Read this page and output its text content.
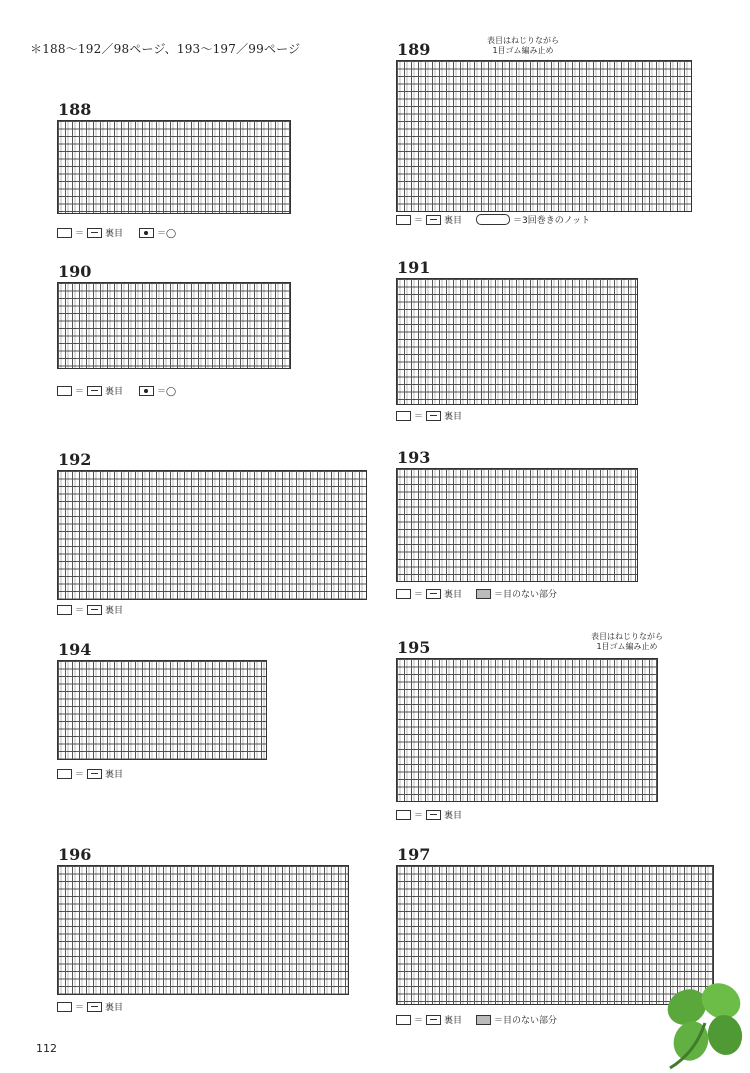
＊188〜192／98ページ、193〜197／99ページ
188
＝ 裏目	＝◯
189	表目はねじりながら
1目ゴム編み止め
＝ 裏目	＝3回巻きのノット
190
＝ 裏目	＝◯
191
＝ 裏目
192
＝ 裏目
193
＝ 裏目	＝目のない部分
194
＝ 裏目
195
表目はねじりながら
1目ゴム編み止め
＝ 裏目
196
＝ 裏目
197
＝ 裏目	＝目のない部分
112
